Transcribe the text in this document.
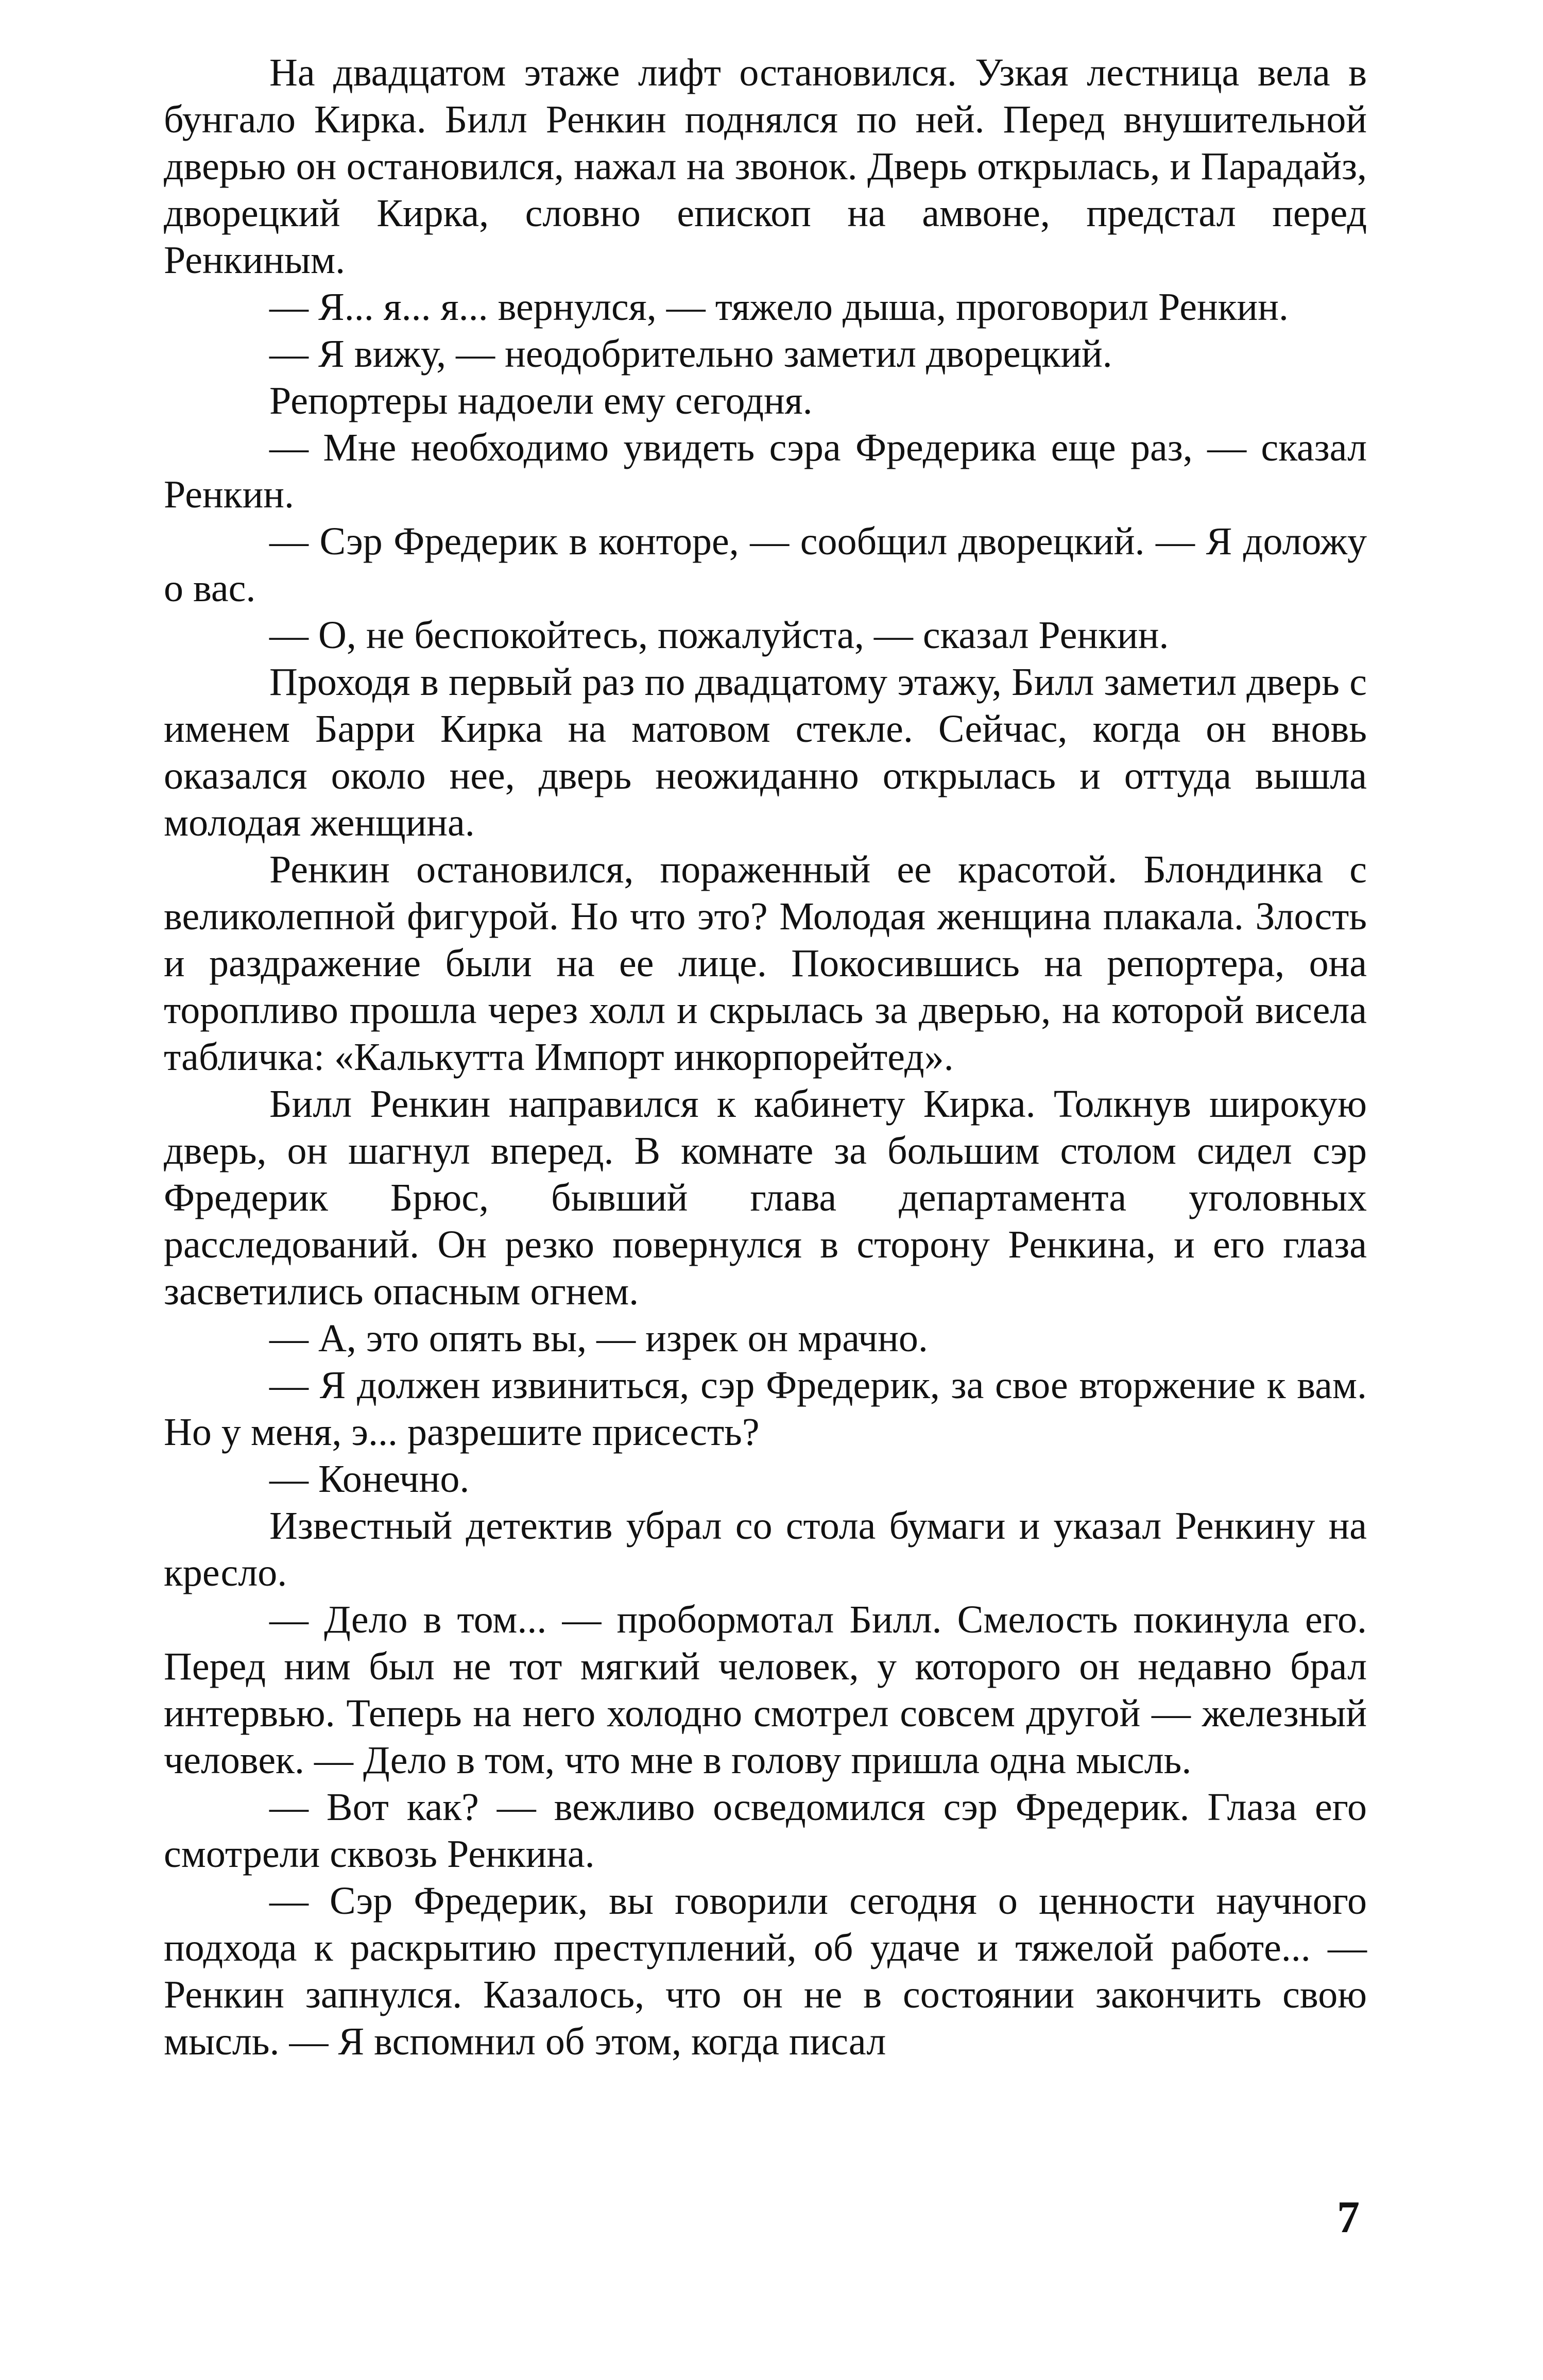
На двадцатом этаже лифт остановился. Узкая лестница вела в бунгало Кирка. Билл Ренкин поднялся по ней. Перед внушительной дверью он остановился, нажал на звонок. Дверь открылась, и Парадайз, дворецкий Кирка, словно епископ на амвоне, предстал перед Ренкиным.

— Я... я... я... вернулся, — тяжело дыша, проговорил Ренкин.

— Я вижу, — неодобрительно заметил дворецкий.

Репортеры надоели ему сегодня.

— Мне необходимо увидеть сэра Фредерика еще раз, — сказал Ренкин.

— Сэр Фредерик в конторе, — сообщил дворецкий. — Я доложу о вас.

— О, не беспокойтесь, пожалуйста, — сказал Ренкин.

Проходя в первый раз по двадцатому этажу, Билл заметил дверь с именем Барри Кирка на матовом стекле. Сейчас, когда он вновь оказался около нее, дверь неожиданно открылась и оттуда вышла молодая женщина.

Ренкин остановился, пораженный ее красотой. Блондинка с великолепной фигурой. Но что это? Молодая женщина плакала. Злость и раздражение были на ее лице. Покосившись на репортера, она торопливо прошла через холл и скрылась за дверью, на которой висела табличка: «Калькутта Импорт инкорпорейтед».

Билл Ренкин направился к кабинету Кирка. Толкнув широкую дверь, он шагнул вперед. В комнате за большим столом сидел сэр Фредерик Брюс, бывший глава департамента уголовных расследований. Он резко повернулся в сторону Ренкина, и его глаза засветились опасным огнем.

— А, это опять вы, — изрек он мрачно.

— Я должен извиниться, сэр Фредерик, за свое вторжение к вам. Но у меня, э... разрешите присесть?

— Конечно.

Известный детектив убрал со стола бумаги и указал Ренкину на кресло.

— Дело в том... — пробормотал Билл. Смелость покинула его. Перед ним был не тот мягкий человек, у которого он недавно брал интервью. Теперь на него холодно смотрел совсем другой — железный человек. — Дело в том, что мне в голову пришла одна мысль.

— Вот как? — вежливо осведомился сэр Фредерик. Глаза его смотрели сквозь Ренкина.

— Сэр Фредерик, вы говорили сегодня о ценности научного подхода к раскрытию преступлений, об удаче и тяжелой работе... — Ренкин запнулся. Казалось, что он не в состоянии закончить свою мысль. — Я вспомнил об этом, когда писал

7
